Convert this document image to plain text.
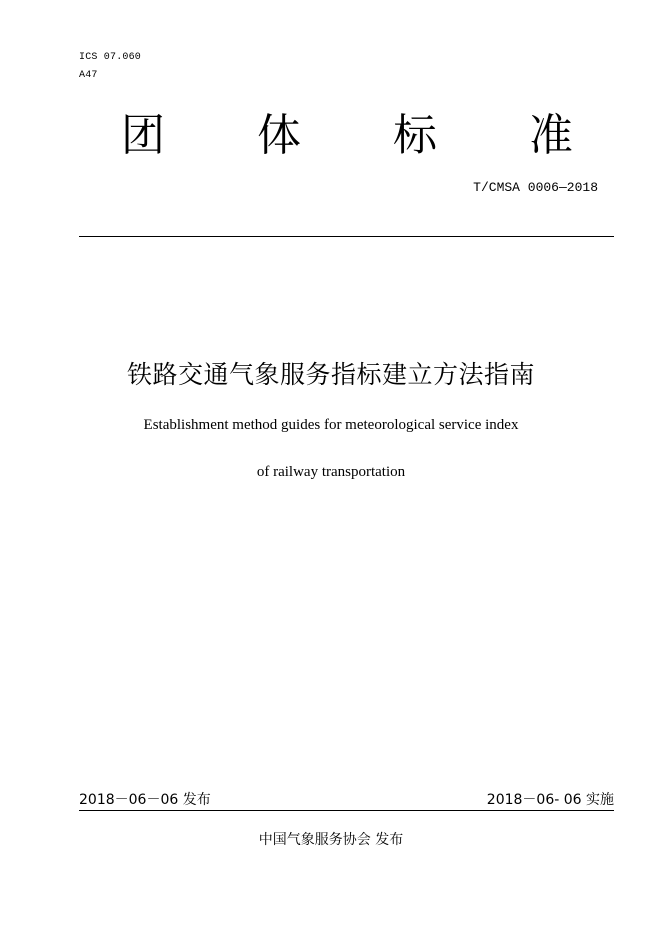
ICS 07.060
A47
团 体 标 准
T/CMSA 0006—2018
铁路交通气象服务指标建立方法指南
Establishment method guides for meteorological service index
of railway transportation
2018－06－06 发布	2018－06- 06 实施
中国气象服务协会 发布
